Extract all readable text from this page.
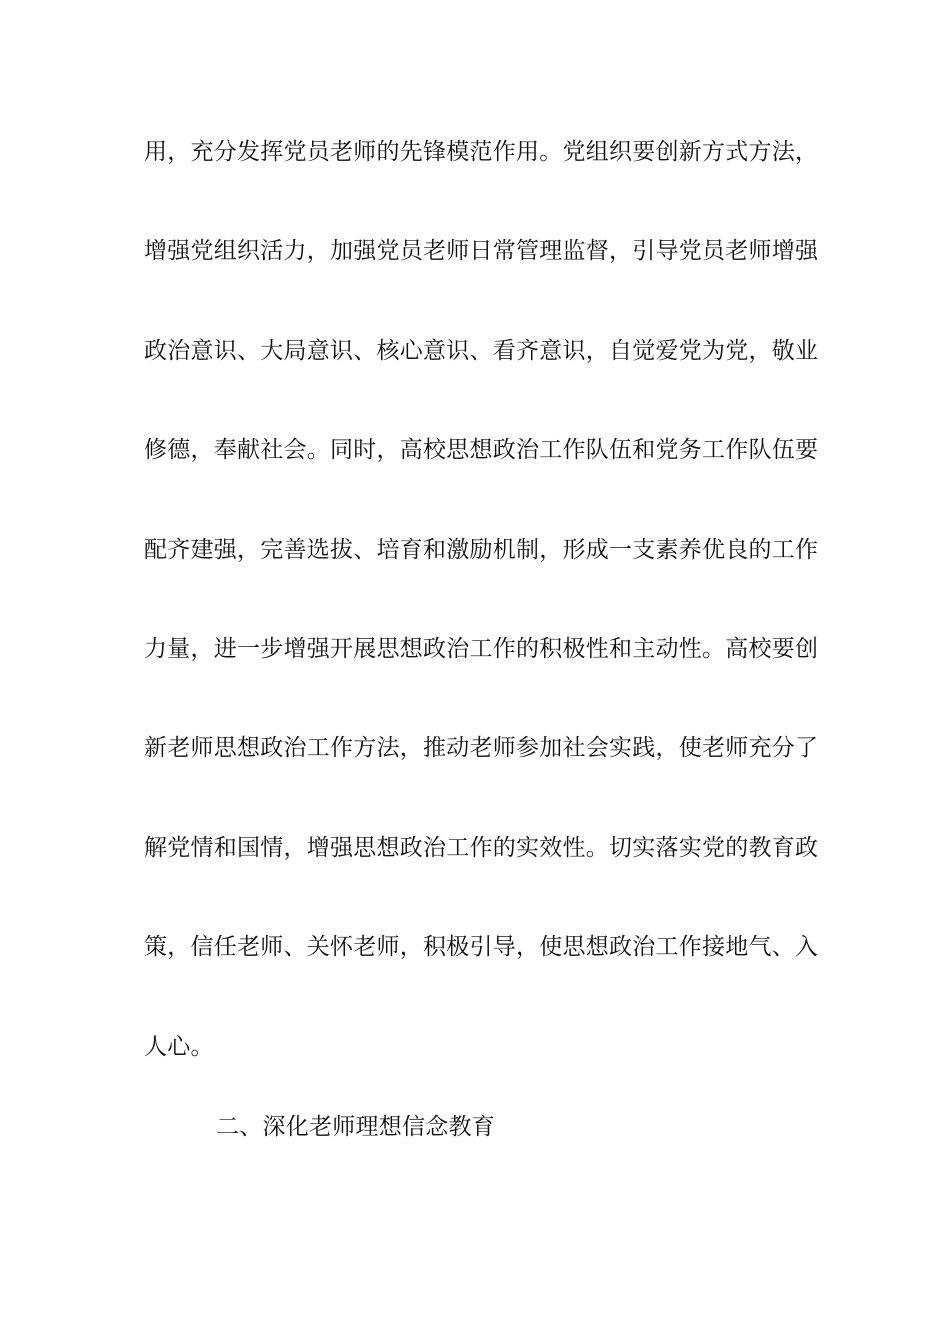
用，充分发挥党员老师的先锋模范作用。党组织要创新方式方法，
增强党组织活力，加强党员老师日常管理监督，引导党员老师增强
政治意识、大局意识、核心意识、看齐意识，自觉爱党为党，敬业
修德，奉献社会。同时，高校思想政治工作队伍和党务工作队伍要
配齐建强，完善选拔、培育和激励机制，形成一支素养优良的工作
力量，进一步增强开展思想政治工作的积极性和主动性。高校要创
新老师思想政治工作方法，推动老师参加社会实践，使老师充分了
解党情和国情，增强思想政治工作的实效性。切实落实党的教育政
策，信任老师、关怀老师，积极引导，使思想政治工作接地气、入
人心。
二、深化老师理想信念教育
